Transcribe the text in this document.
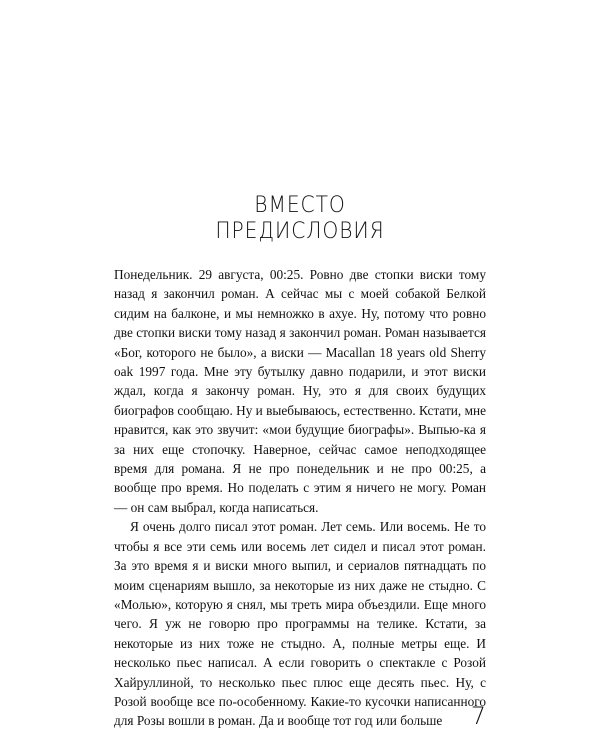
ВМЕСТО
ПРЕДИСЛОВИЯ

Понедельник. 29 августа, 00:25. Ровно две стопки виски тому назад я закончил роман. А сейчас мы с моей собакой Белкой сидим на балконе, и мы немножко в ахуе. Ну, потому что ровно две стопки виски тому назад я закончил роман. Роман называется «Бог, которого не было», а виски — Macallan 18 years old Sherry oak 1997 года. Мне эту бутылку давно подарили, и этот виски ждал, когда я закончу роман. Ну, это я для своих будущих биографов сообщаю. Ну и выебываюсь, естественно. Кстати, мне нравится, как это звучит: «мои будущие биографы». Выпью-ка я за них еще стопочку. Наверное, сейчас самое неподходящее время для романа. Я не про понедельник и не про 00:25, а вообще про время. Но поделать с этим я ничего не могу. Роман — он сам выбрал, когда написаться.

Я очень долго писал этот роман. Лет семь. Или восемь. Не то чтобы я все эти семь или восемь лет сидел и писал этот роман. За это время я и виски много выпил, и сериалов пятнадцать по моим сценариям вышло, за некоторые из них даже не стыдно. С «Молью», которую я снял, мы треть мира объездили. Еще много чего. Я уж не говорю про программы на телике. Кстати, за некоторые из них тоже не стыдно. А, полные метры еще. И несколько пьес написал. А если говорить о спектакле с Розой Хайруллиной, то несколько пьес плюс еще десять пьес. Ну, с Розой вообще все по-особенному. Какие-то кусочки написанного для Розы вошли в роман. Да и вообще тот год или больше	7
